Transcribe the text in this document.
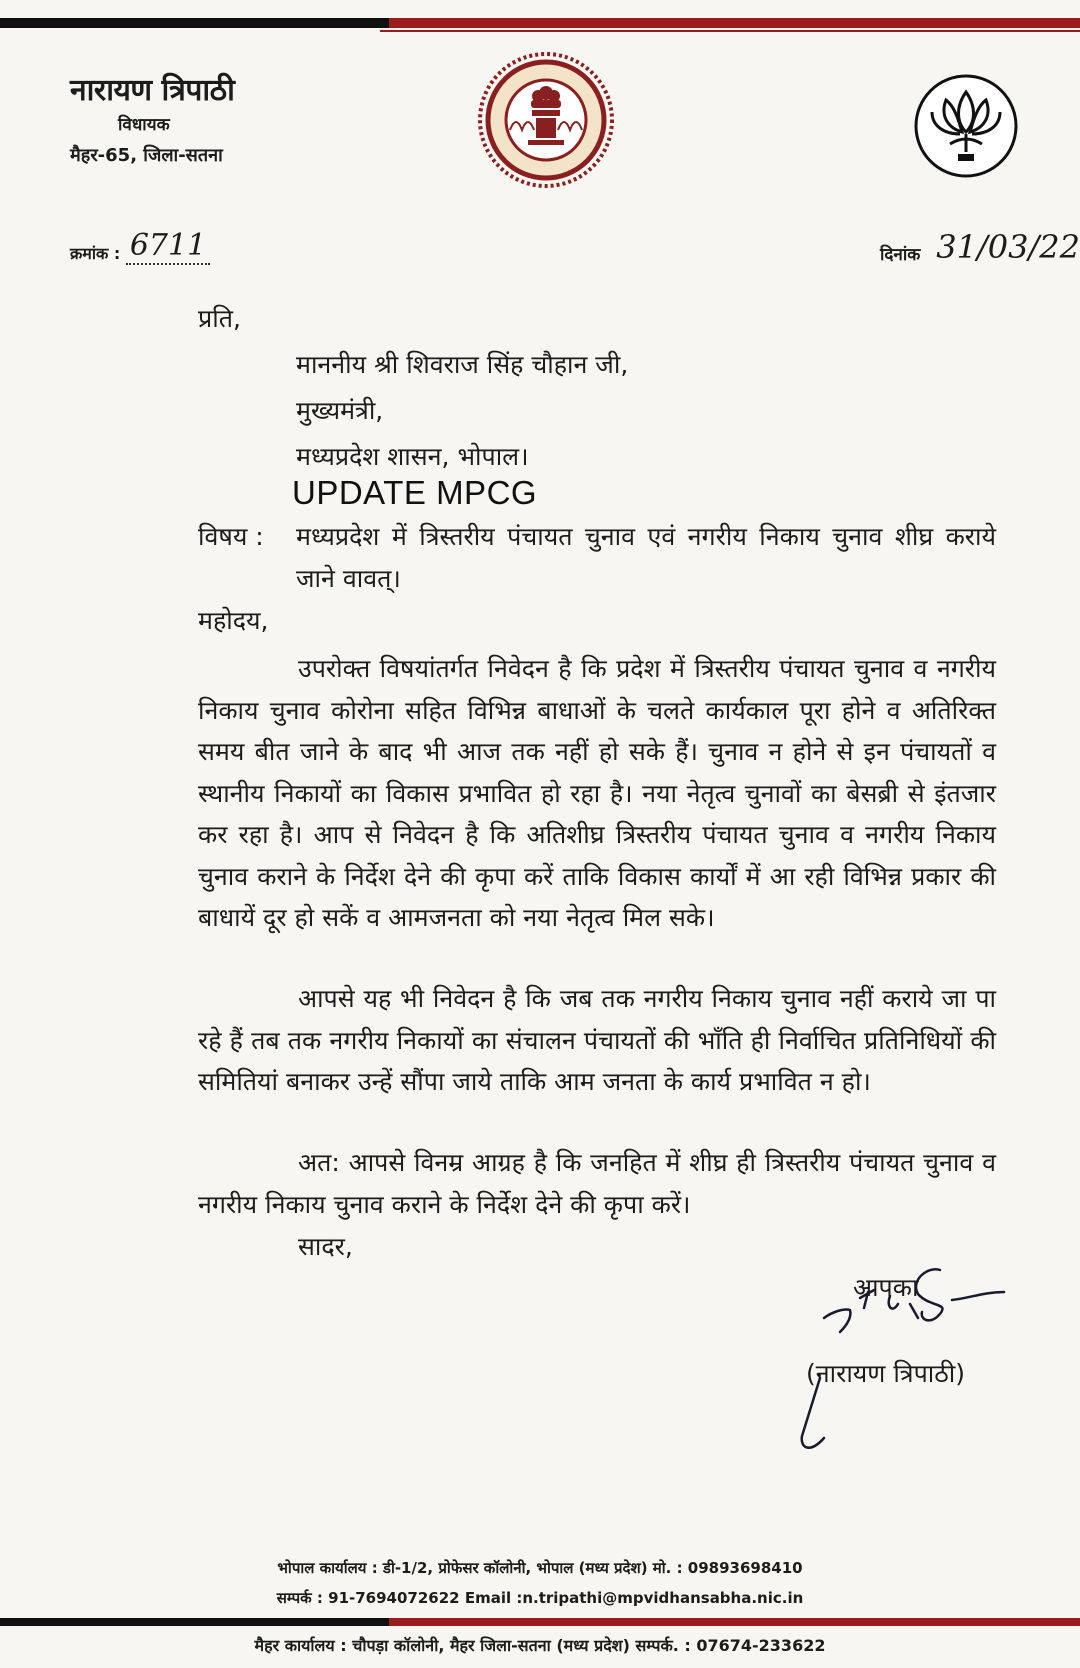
नारायण त्रिपाठी
विधायक
मैहर-65, जिला-सतना
क्रमांक : 6711	दिनांक 31/03/22
प्रति,
माननीय श्री शिवराज सिंह चौहान जी,
मुख्यमंत्री,
मध्यप्रदेश शासन, भोपाल।
UPDATE MPCG
विषय : मध्यप्रदेश में त्रिस्तरीय पंचायत चुनाव एवं नगरीय निकाय चुनाव शीघ्र कराये जाने वावत्।
महोदय,
उपरोक्त विषयांतर्गत निवेदन है कि प्रदेश में त्रिस्तरीय पंचायत चुनाव व नगरीय निकाय चुनाव कोरोना सहित विभिन्न बाधाओं के चलते कार्यकाल पूरा होने व अतिरिक्त समय बीत जाने के बाद भी आज तक नहीं हो सके हैं। चुनाव न होने से इन पंचायतों व स्थानीय निकायों का विकास प्रभावित हो रहा है। नया नेतृत्व चुनावों का बेसब्री से इंतजार कर रहा है। आप से निवेदन है कि अतिशीघ्र त्रिस्तरीय पंचायत चुनाव व नगरीय निकाय चुनाव कराने के निर्देश देने की कृपा करें ताकि विकास कार्यों में आ रही विभिन्न प्रकार की बाधायें दूर हो सकें व आमजनता को नया नेतृत्व मिल सके।
आपसे यह भी निवेदन है कि जब तक नगरीय निकाय चुनाव नहीं कराये जा पा रहे हैं तब तक नगरीय निकायों का संचालन पंचायतों की भाँति ही निर्वाचित प्रतिनिधियों की समितियां बनाकर उन्हें सौंपा जाये ताकि आम जनता के कार्य प्रभावित न हो।
अत: आपसे विनम्र आग्रह है कि जनहित में शीघ्र ही त्रिस्तरीय पंचायत चुनाव व नगरीय निकाय चुनाव कराने के निर्देश देने की कृपा करें।
सादर,
आपका
(नारायण त्रिपाठी)
भोपाल कार्यालय : डी-1/2, प्रोफेसर कॉलोनी, भोपाल (मध्य प्रदेश) मो. : 09893698410
सम्पर्क : 91-7694072622 Email :n.tripathi@mpvidhansabha.nic.in
मैहर कार्यालय : चौपड़ा कॉलोनी, मैहर जिला-सतना (मध्य प्रदेश) सम्पर्क. : 07674-233622
